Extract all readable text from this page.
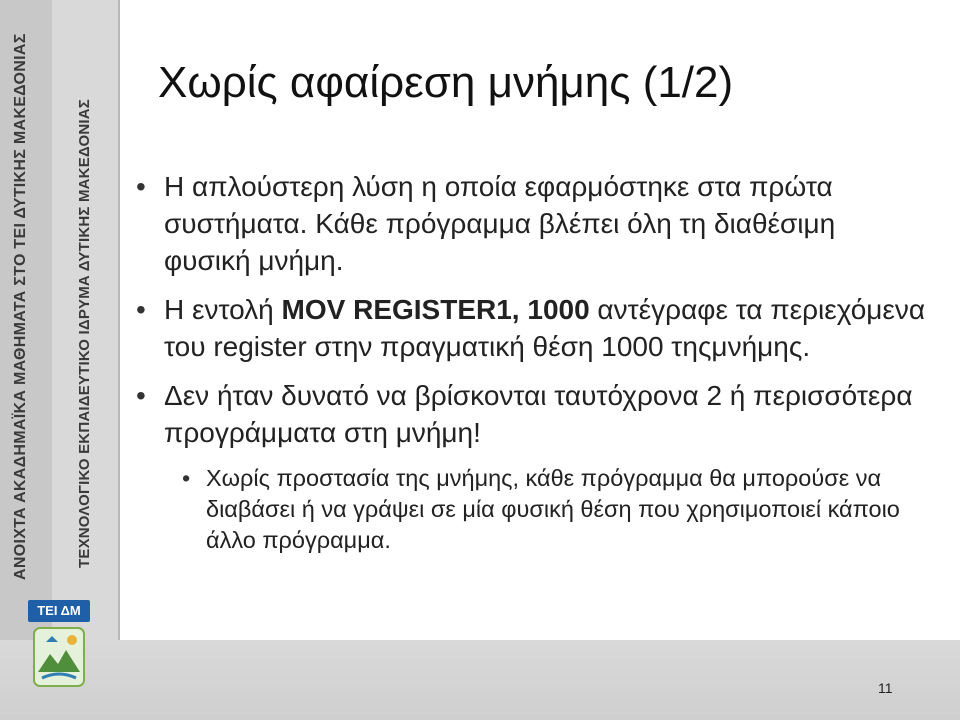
ΑΝΟΙΧΤΑ ΑΚΑΔΗΜΑΪΚΑ ΜΑΘΗΜΑΤΑ ΣΤΟ ΤΕΙ ΔΥΤΙΚΗΣ ΜΑΚΕΔΟΝΙΑΣ	ΤΕΧΝΟΛΟΓΙΚΟ ΕΚΠΑΙΔΕΥΤΙΚΟ ΙΔΡΥΜΑ ΔΥΤΙΚΗΣ ΜΑΚΕΔΟΝΙΑΣ
ΤΕΙ ΔΜ
Χωρίς αφαίρεση μνήμης (1/2)
• Η απλούστερη λύση η οποία εφαρμόστηκε στα πρώτα συστήματα. Κάθε πρόγραμμα βλέπει όλη τη διαθέσιμη φυσική μνήμη.
• Η εντολή MOV REGISTER1, 1000 αντέγραφε τα περιεχόμενα του register στην πραγματική θέση 1000 τηςμνήμης.
• Δεν ήταν δυνατό να βρίσκονται ταυτόχρονα 2 ή περισσότερα προγράμματα στη μνήμη!
• Χωρίς προστασία της μνήμης, κάθε πρόγραμμα θα μπορούσε να διαβάσει ή να γράψει σε μία φυσική θέση που χρησιμοποιεί κάποιο άλλο πρόγραμμα.
11
